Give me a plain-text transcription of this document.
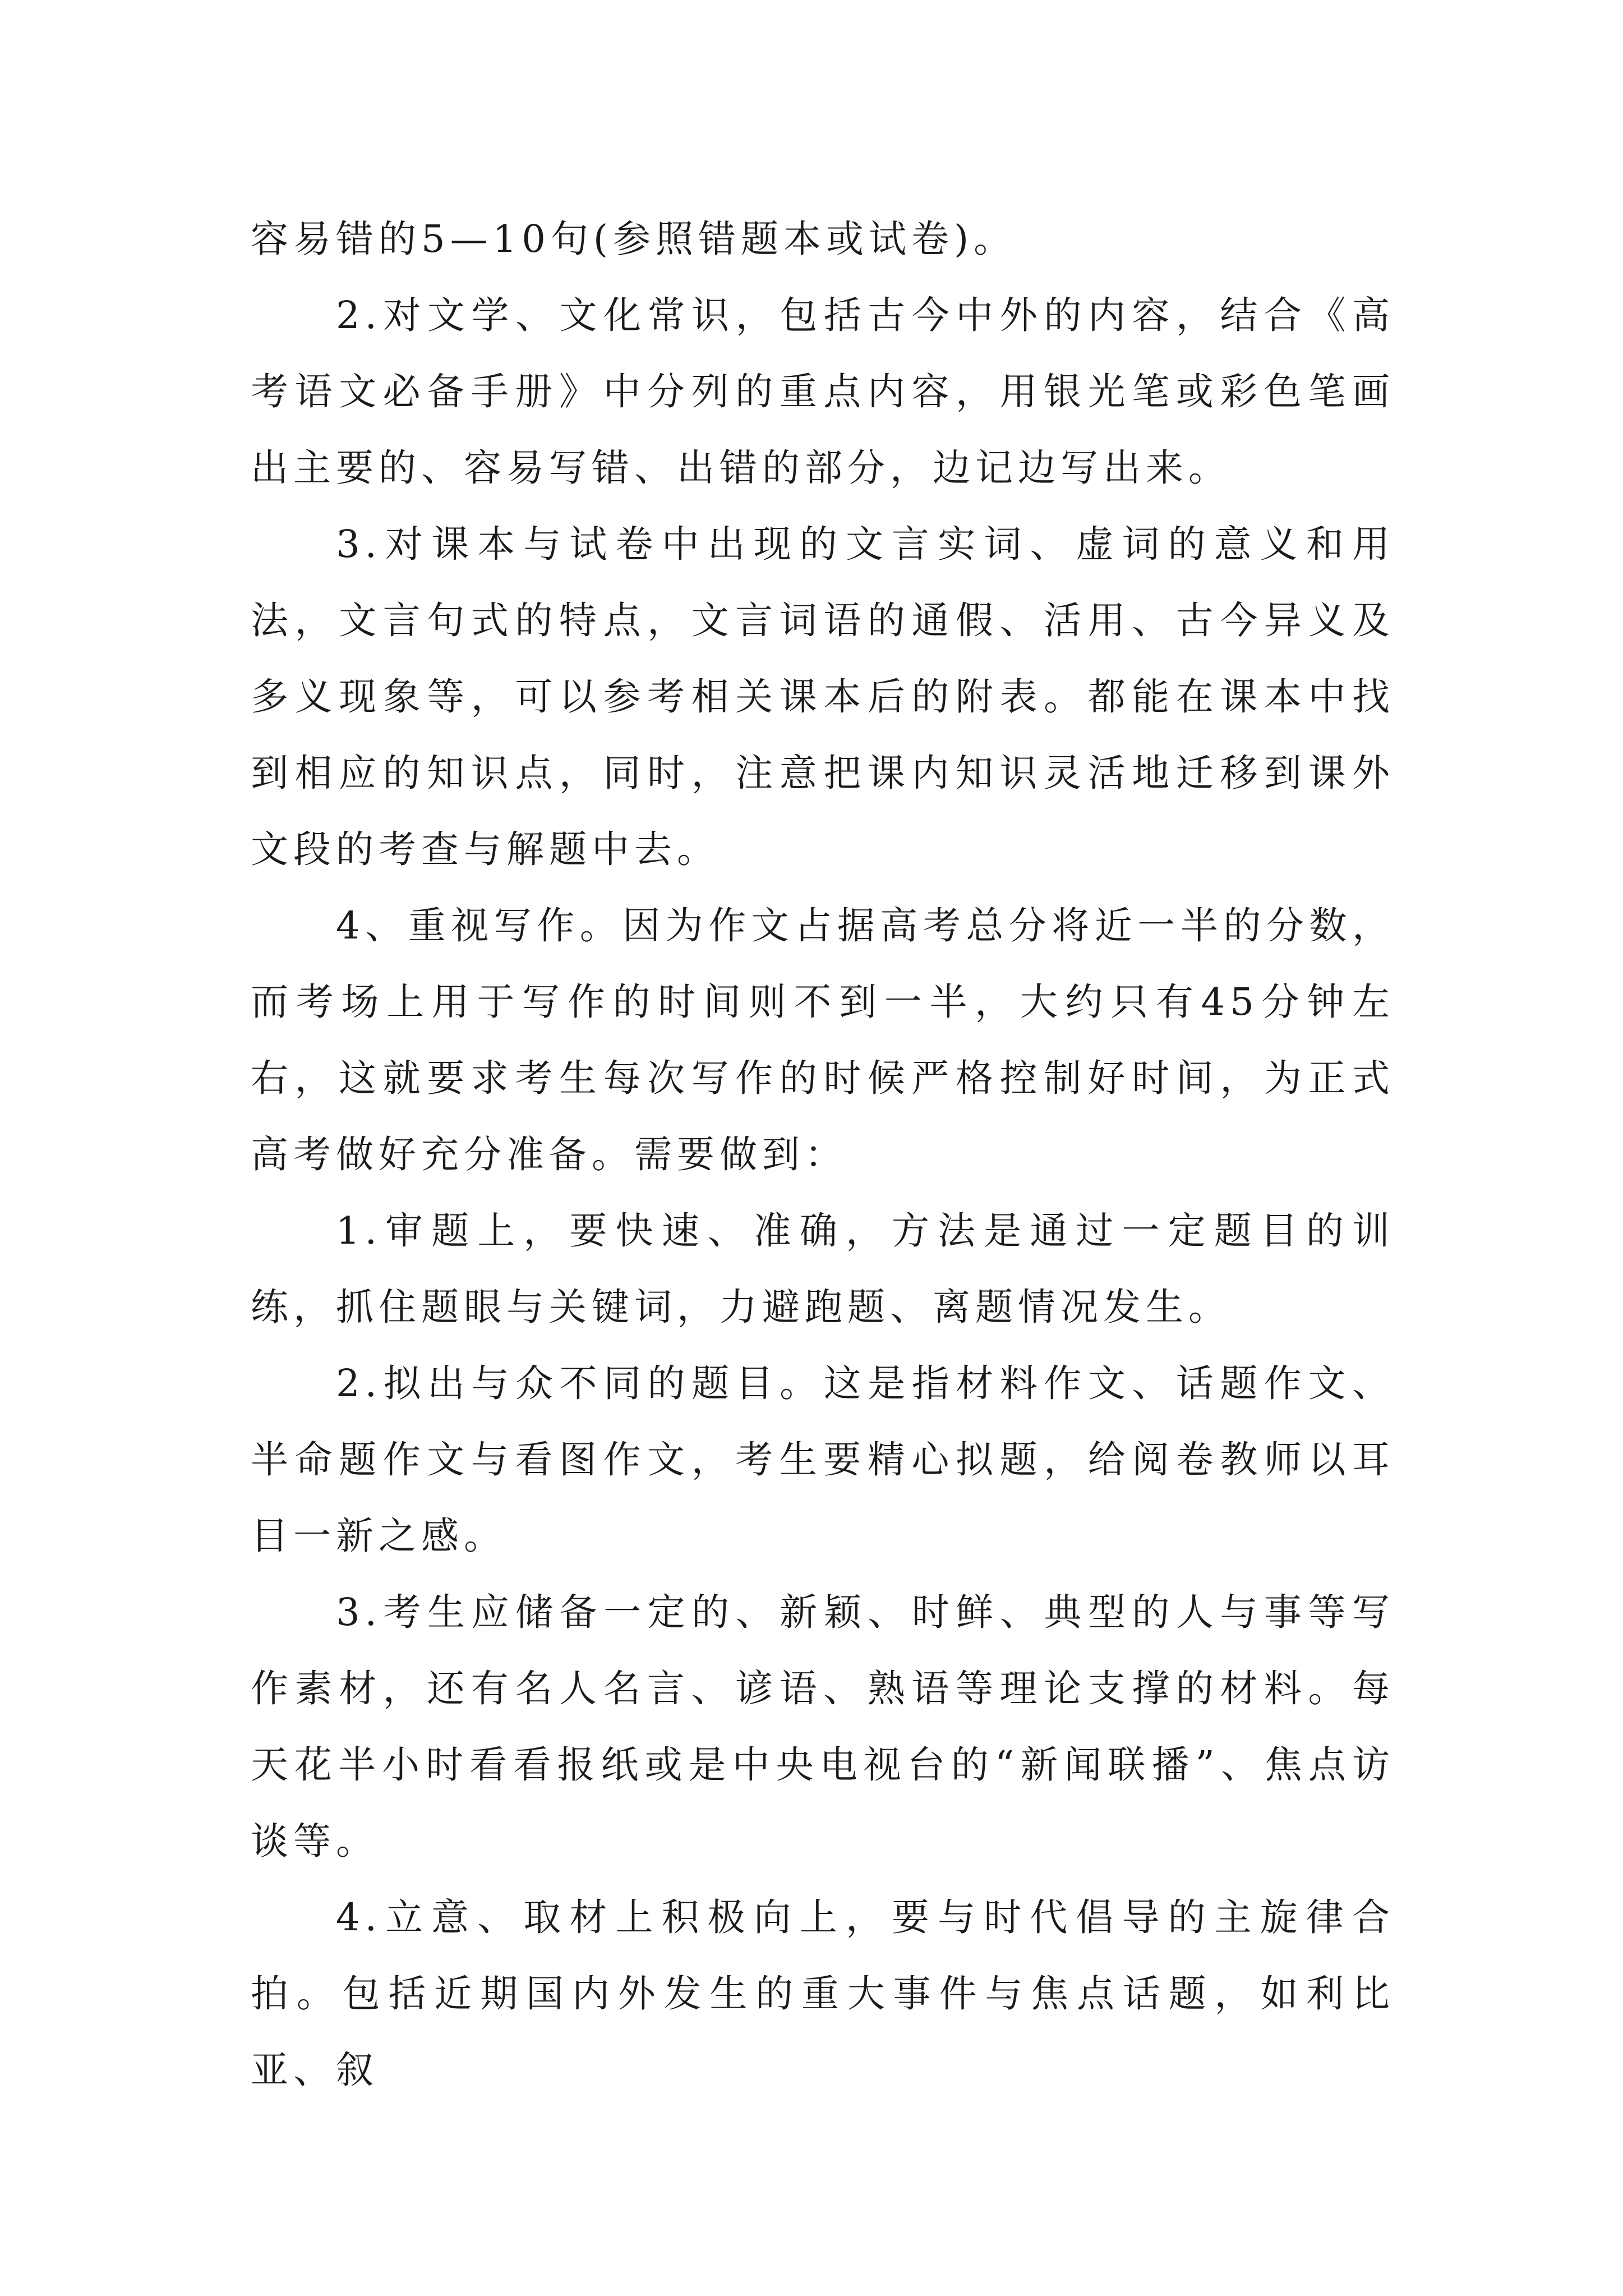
容易错的5—10句(参照错题本或试卷)。

2.对文学、文化常识，包括古今中外的内容，结合《高考语文必备手册》中分列的重点内容，用银光笔或彩色笔画出主要的、容易写错、出错的部分，边记边写出来。

3.对课本与试卷中出现的文言实词、虚词的意义和用法，文言句式的特点，文言词语的通假、活用、古今异义及多义现象等，可以参考相关课本后的附表。都能在课本中找到相应的知识点，同时，注意把课内知识灵活地迁移到课外文段的考查与解题中去。

4、重视写作。因为作文占据高考总分将近一半的分数，而考场上用于写作的时间则不到一半，大约只有45分钟左右，这就要求考生每次写作的时候严格控制好时间，为正式高考做好充分准备。需要做到：

1.审题上，要快速、准确，方法是通过一定题目的训练，抓住题眼与关键词，力避跑题、离题情况发生。

2.拟出与众不同的题目。这是指材料作文、话题作文、半命题作文与看图作文，考生要精心拟题，给阅卷教师以耳目一新之感。

3.考生应储备一定的、新颖、时鲜、典型的人与事等写作素材，还有名人名言、谚语、熟语等理论支撑的材料。每天花半小时看看报纸或是中央电视台的“新闻联播”、焦点访谈等。

4.立意、取材上积极向上，要与时代倡导的主旋律合拍。包括近期国内外发生的重大事件与焦点话题，如利比亚、叙
